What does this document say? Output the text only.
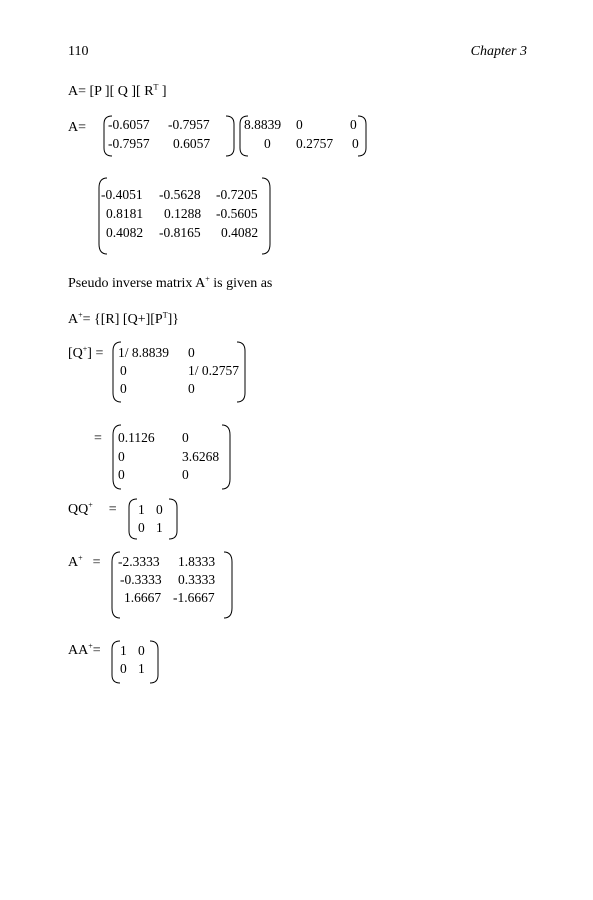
110	Chapter 3
A= [P ][ Q ][ $R^T$ ]
A= -0.6057 -0.7957
-0.7957 0.6057
8.8839 0	0
0 0.2757 0
-0.4051 -0.5628 -0.7205
0.8181 0.1288 -0.5605
0.4082 -0.8165 0.4082
Pseudo inverse matrix A+ is given as
A+= {[R] $[Q+][P^T]$}
[Q+] = 1/ 8.8839 0
0	1/ 0.2757
0	0
= 0.1126 0
0	3.6268
0	0
QQ+ = 1 0
0 1
A+ = -2.3333 1.8333
-0.3333 0.3333
1.6667 -1.6667
AA+= 1 0
0 1
